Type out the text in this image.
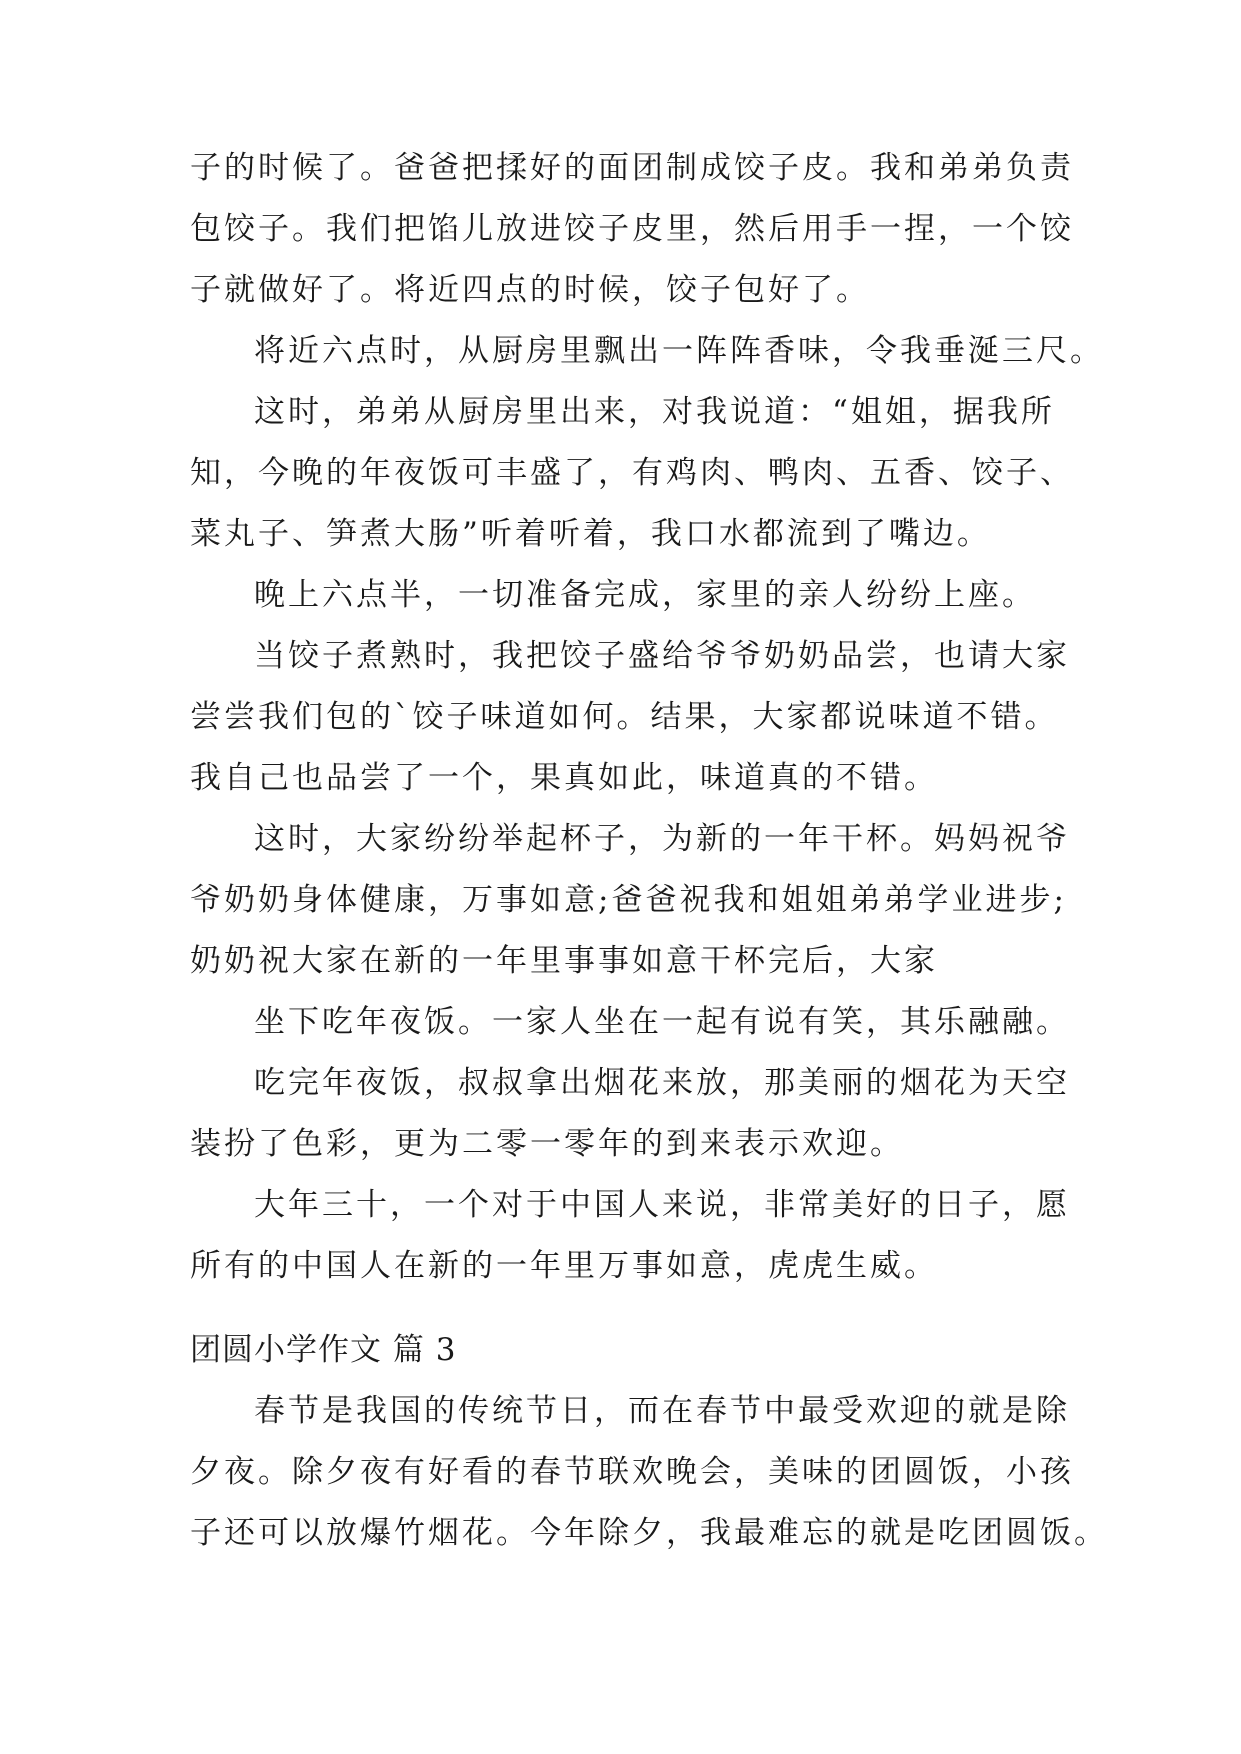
子的时候了。爸爸把揉好的面团制成饺子皮。我和弟弟负责
包饺子。我们把馅儿放进饺子皮里，然后用手一捏，一个饺
子就做好了。将近四点的时候，饺子包好了。
将近六点时，从厨房里飘出一阵阵香味，令我垂涎三尺。
这时，弟弟从厨房里出来，对我说道：“姐姐，据我所
知，今晚的年夜饭可丰盛了，有鸡肉、鸭肉、五香、饺子、
菜丸子、笋煮大肠”听着听着，我口水都流到了嘴边。
晚上六点半，一切准备完成，家里的亲人纷纷上座。
当饺子煮熟时，我把饺子盛给爷爷奶奶品尝，也请大家
尝尝我们包的`饺子味道如何。结果，大家都说味道不错。
我自己也品尝了一个，果真如此，味道真的不错。
这时，大家纷纷举起杯子，为新的一年干杯。妈妈祝爷
爷奶奶身体健康，万事如意;爸爸祝我和姐姐弟弟学业进步;
奶奶祝大家在新的一年里事事如意干杯完后，大家
坐下吃年夜饭。一家人坐在一起有说有笑，其乐融融。
吃完年夜饭，叔叔拿出烟花来放，那美丽的烟花为天空
装扮了色彩，更为二零一零年的到来表示欢迎。
大年三十，一个对于中国人来说，非常美好的日子，愿
所有的中国人在新的一年里万事如意，虎虎生威。
团圆小学作文 篇 3
春节是我国的传统节日，而在春节中最受欢迎的就是除
夕夜。除夕夜有好看的春节联欢晚会，美味的团圆饭，小孩
子还可以放爆竹烟花。今年除夕，我最难忘的就是吃团圆饭。
